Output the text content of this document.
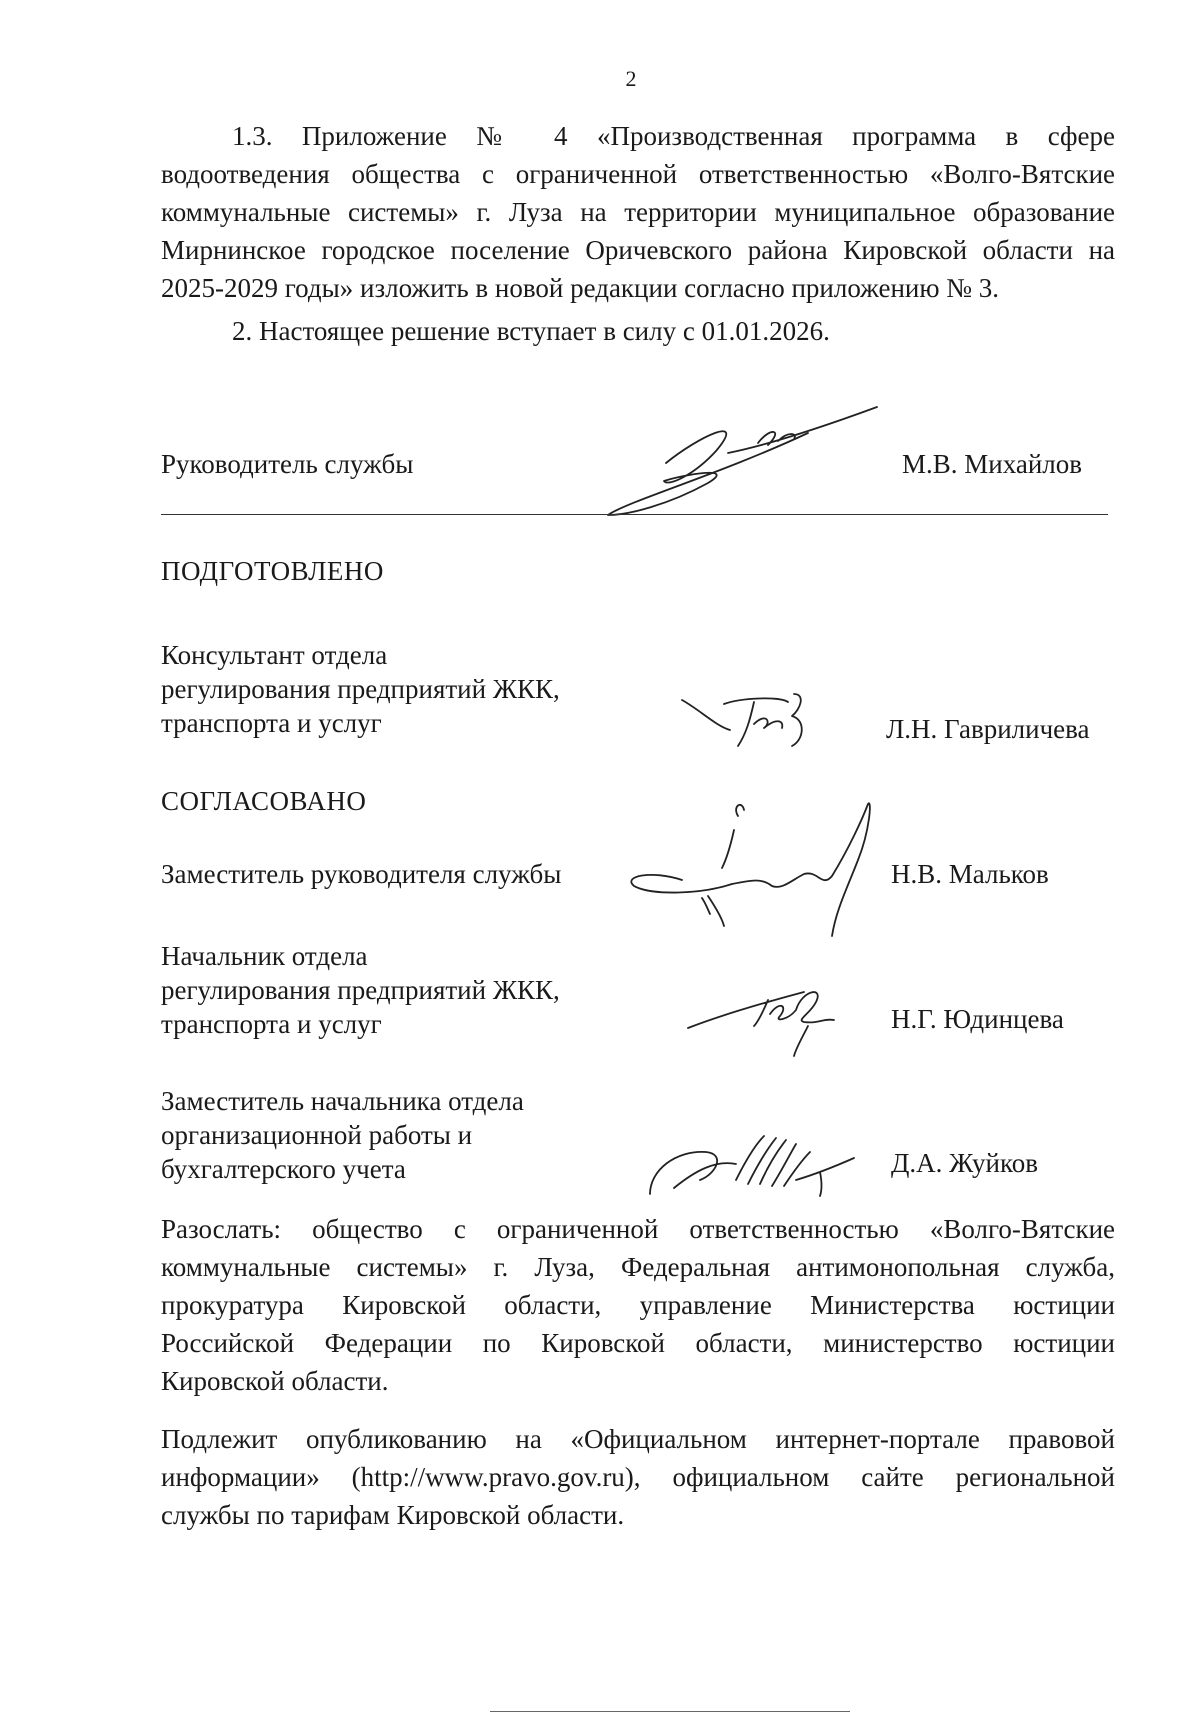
2
1.3. Приложение № 4 «Производственная программа в сфере
водоотведения общества с ограниченной ответственностью «Волго-Вятские
коммунальные системы» г. Луза на территории муниципальное образование
Мирнинское городское поселение Оричевского района Кировской области на
2025-2029 годы» изложить в новой редакции согласно приложению № 3.
2. Настоящее решение вступает в силу с 01.01.2026.
Руководитель службы	М.В. Михайлов
ПОДГОТОВЛЕНО
Консультант отдела
регулирования предприятий ЖКК,
транспорта и услуг	Л.Н. Гавриличева
СОГЛАСОВАНО
Заместитель руководителя службы	Н.В. Мальков
Начальник отдела
регулирования предприятий ЖКК,
транспорта и услуг	Н.Г. Юдинцева
Заместитель начальника отдела
организационной работы и
бухгалтерского учета	Д.А. Жуйков
Разослать: общество с ограниченной ответственностью «Волго-Вятские
коммунальные системы» г. Луза, Федеральная антимонопольная служба,
прокуратура Кировской области, управление Министерства юстиции
Российской Федерации по Кировской области, министерство юстиции
Кировской области.
Подлежит опубликованию на «Официальном интернет-портале правовой
информации» (http://www.pravo.gov.ru), официальном сайте региональной
службы по тарифам Кировской области.
